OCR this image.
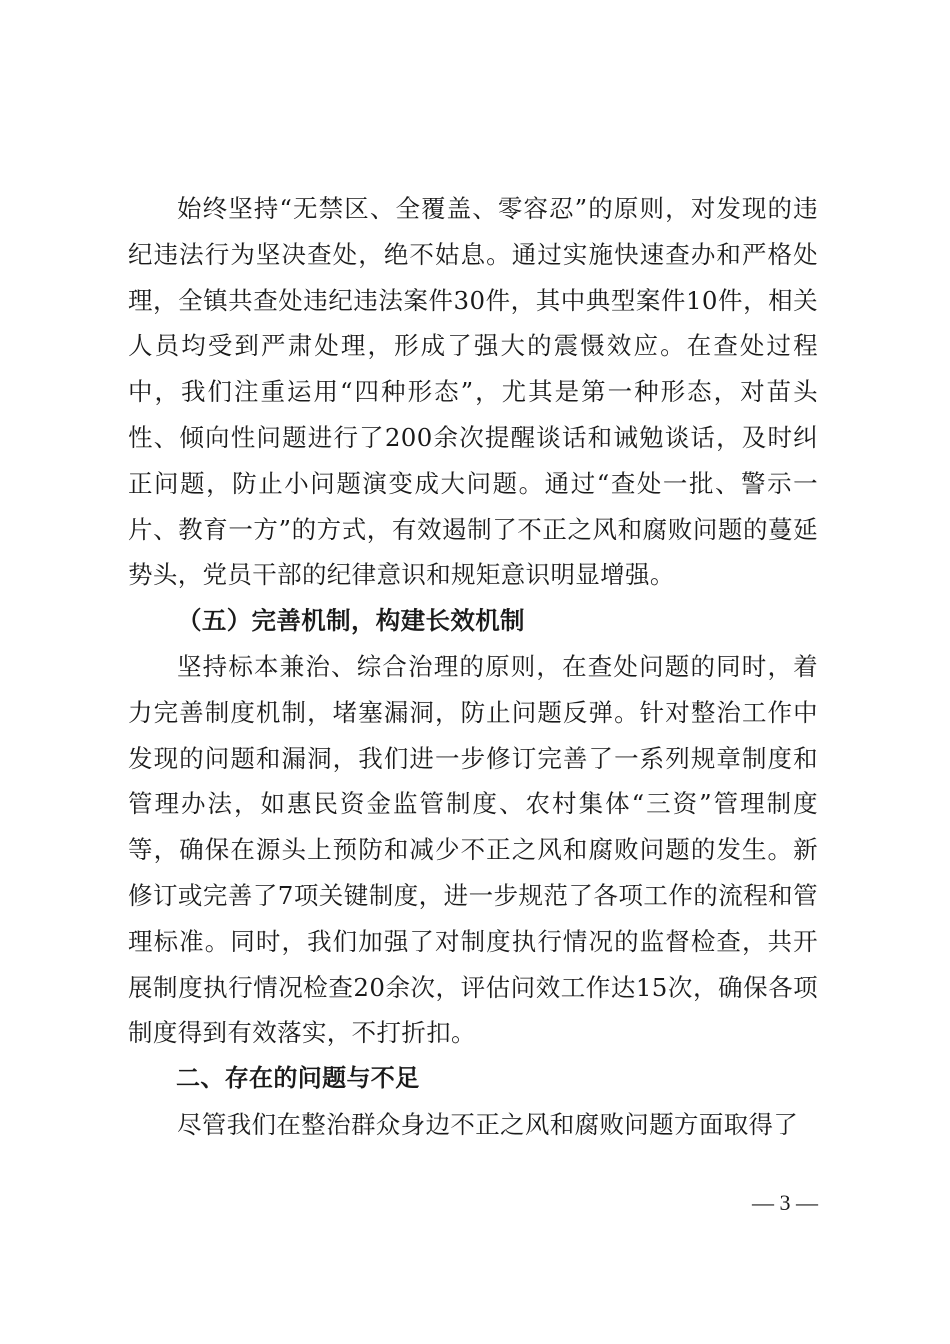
始终坚持“无禁区、全覆盖、零容忍”的原则，对发现的违纪违法行为坚决查处，绝不姑息。通过实施快速查办和严格处理，全镇共查处违纪违法案件30件，其中典型案件10件，相关人员均受到严肃处理，形成了强大的震慑效应。在查处过程中，我们注重运用“四种形态”，尤其是第一种形态，对苗头性、倾向性问题进行了200余次提醒谈话和诫勉谈话，及时纠正问题，防止小问题演变成大问题。通过“查处一批、警示一片、教育一方”的方式，有效遏制了不正之风和腐败问题的蔓延势头，党员干部的纪律意识和规矩意识明显增强。

（五）完善机制，构建长效机制

坚持标本兼治、综合治理的原则，在查处问题的同时，着力完善制度机制，堵塞漏洞，防止问题反弹。针对整治工作中发现的问题和漏洞，我们进一步修订完善了一系列规章制度和管理办法，如惠民资金监管制度、农村集体“三资”管理制度等，确保在源头上预防和减少不正之风和腐败问题的发生。新修订或完善了7项关键制度，进一步规范了各项工作的流程和管理标准。同时，我们加强了对制度执行情况的监督检查，共开展制度执行情况检查20余次，评估问效工作达15次，确保各项制度得到有效落实，不打折扣。

二、存在的问题与不足

尽管我们在整治群众身边不正之风和腐败问题方面取得了

— 3 —
